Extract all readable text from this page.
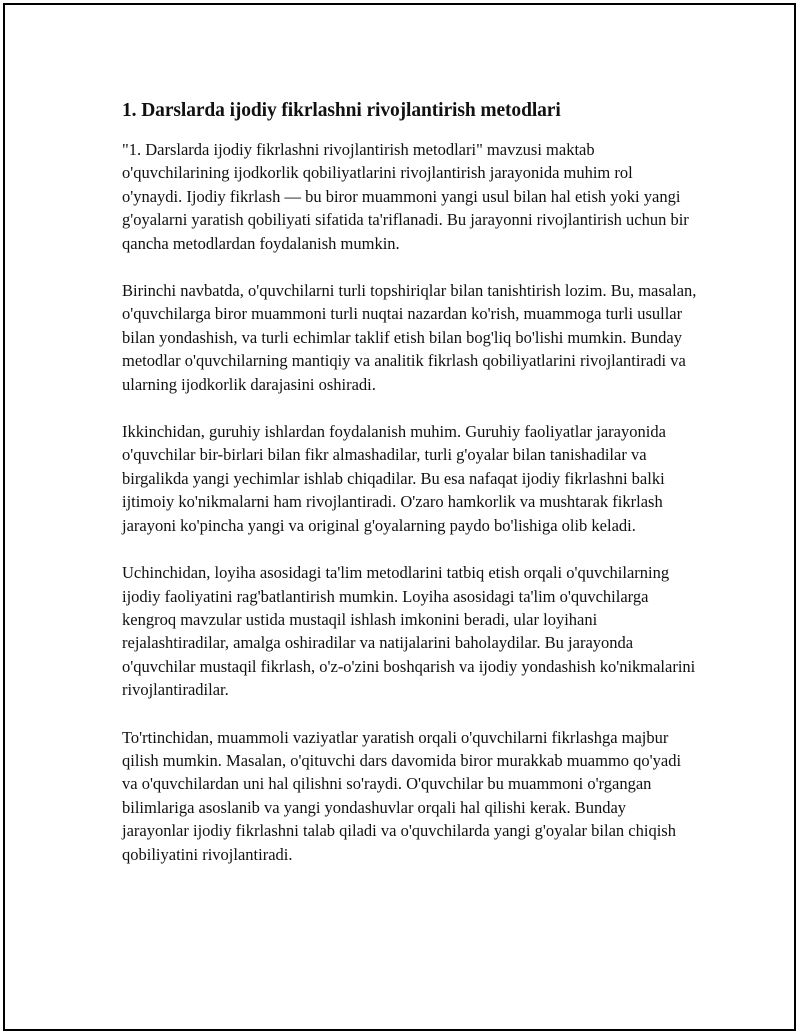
1. Darslarda ijodiy fikrlashni rivojlantirish metodlari

"1. Darslarda ijodiy fikrlashni rivojlantirish metodlari" mavzusi maktab o'quvchilarining ijodkorlik qobiliyatlarini rivojlantirish jarayonida muhim rol o'ynaydi. Ijodiy fikrlash — bu biror muammoni yangi usul bilan hal etish yoki yangi g'oyalarni yaratish qobiliyati sifatida ta'riflanadi. Bu jarayonni rivojlantirish uchun bir qancha metodlardan foydalanish mumkin.

Birinchi navbatda, o'quvchilarni turli topshiriqlar bilan tanishtirish lozim. Bu, masalan, o'quvchilarga biror muammoni turli nuqtai nazardan ko'rish, muammoga turli usullar bilan yondashish, va turli echimlar taklif etish bilan bog'liq bo'lishi mumkin. Bunday metodlar o'quvchilarning mantiqiy va analitik fikrlash qobiliyatlarini rivojlantiradi va ularning ijodkorlik darajasini oshiradi.

Ikkinchidan, guruhiy ishlardan foydalanish muhim. Guruhiy faoliyatlar jarayonida o'quvchilar bir-birlari bilan fikr almashadilar, turli g'oyalar bilan tanishadilar va birgalikda yangi yechimlar ishlab chiqadilar. Bu esa nafaqat ijodiy fikrlashni balki ijtimoiy ko'nikmalarni ham rivojlantiradi. O'zaro hamkorlik va mushtarak fikrlash jarayoni ko'pincha yangi va original g'oyalarning paydo bo'lishiga olib keladi.

Uchinchidan, loyiha asosidagi ta'lim metodlarini tatbiq etish orqali o'quvchilarning ijodiy faoliyatini rag'batlantirish mumkin. Loyiha asosidagi ta'lim o'quvchilarga kengroq mavzular ustida mustaqil ishlash imkonini beradi, ular loyihani rejalashtiradilar, amalga oshiradilar va natijalarini baholaydilar. Bu jarayonda o'quvchilar mustaqil fikrlash, o'z-o'zini boshqarish va ijodiy yondashish ko'nikmalarini rivojlantiradilar.

To'rtinchidan, muammoli vaziyatlar yaratish orqali o'quvchilarni fikrlashga majbur qilish mumkin. Masalan, o'qituvchi dars davomida biror murakkab muammo qo'yadi va o'quvchilardan uni hal qilishni so'raydi. O'quvchilar bu muammoni o'rgangan bilimlariga asoslanib va yangi yondashuvlar orqali hal qilishi kerak. Bunday jarayonlar ijodiy fikrlashni talab qiladi va o'quvchilarda yangi g'oyalar bilan chiqish qobiliyatini rivojlantiradi.
